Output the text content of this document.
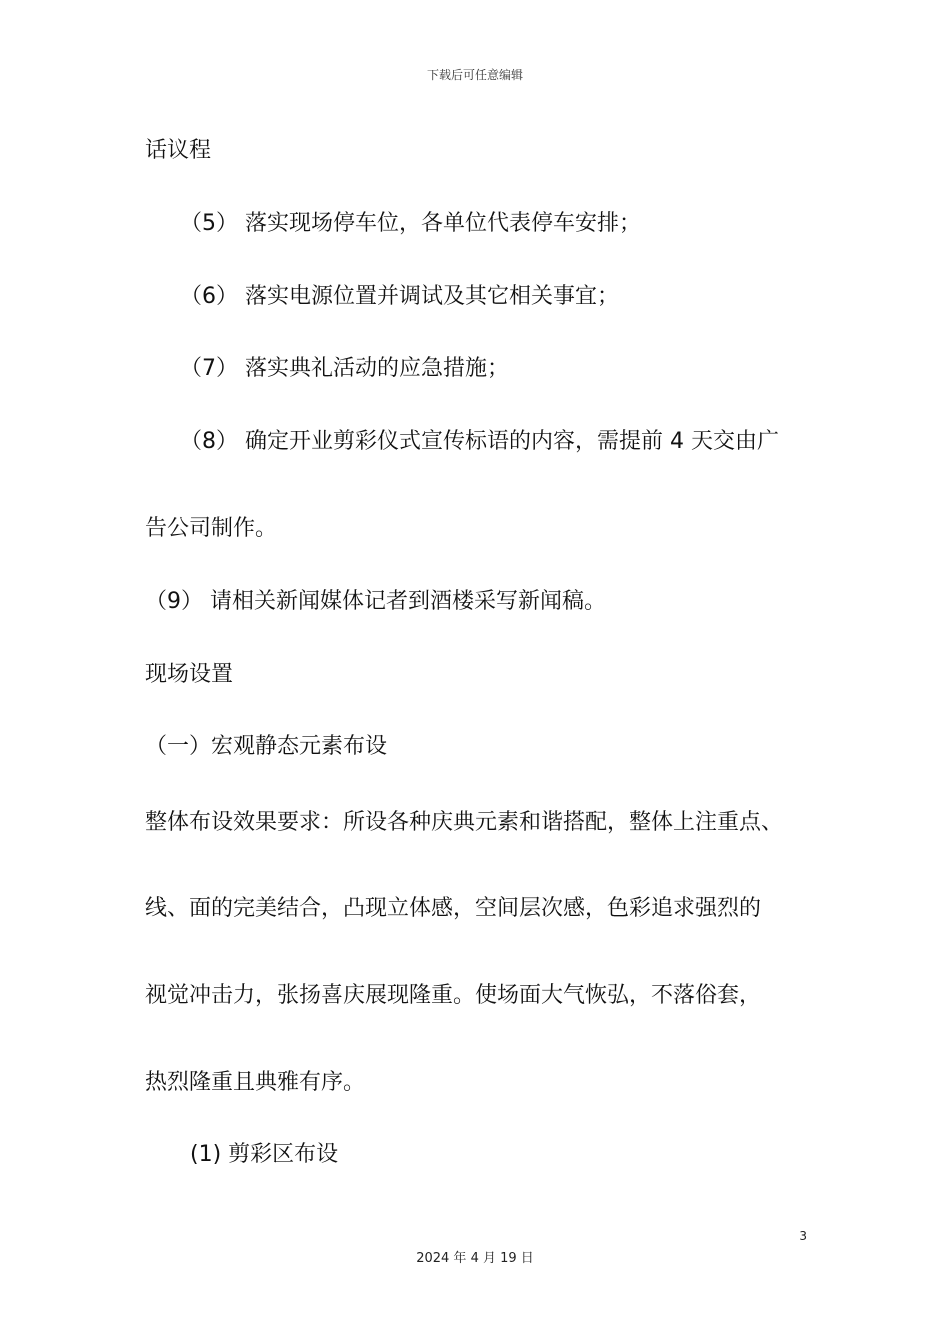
下载后可任意编辑
话议程
（5） 落实现场停车位，各单位代表停车安排；
（6） 落实电源位置并调试及其它相关事宜；
（7） 落实典礼活动的应急措施；
（8） 确定开业剪彩仪式宣传标语的内容，需提前 4 天交由广
告公司制作。
（9） 请相关新闻媒体记者到酒楼采写新闻稿。
现场设置
（一）宏观静态元素布设
整体布设效果要求：所设各种庆典元素和谐搭配，整体上注重点、
线、面的完美结合，凸现立体感，空间层次感，色彩追求强烈的
视觉冲击力，张扬喜庆展现隆重。使场面大气恢弘，不落俗套，
热烈隆重且典雅有序。
(1) 剪彩区布设
3
2024 年 4 月 19 日
